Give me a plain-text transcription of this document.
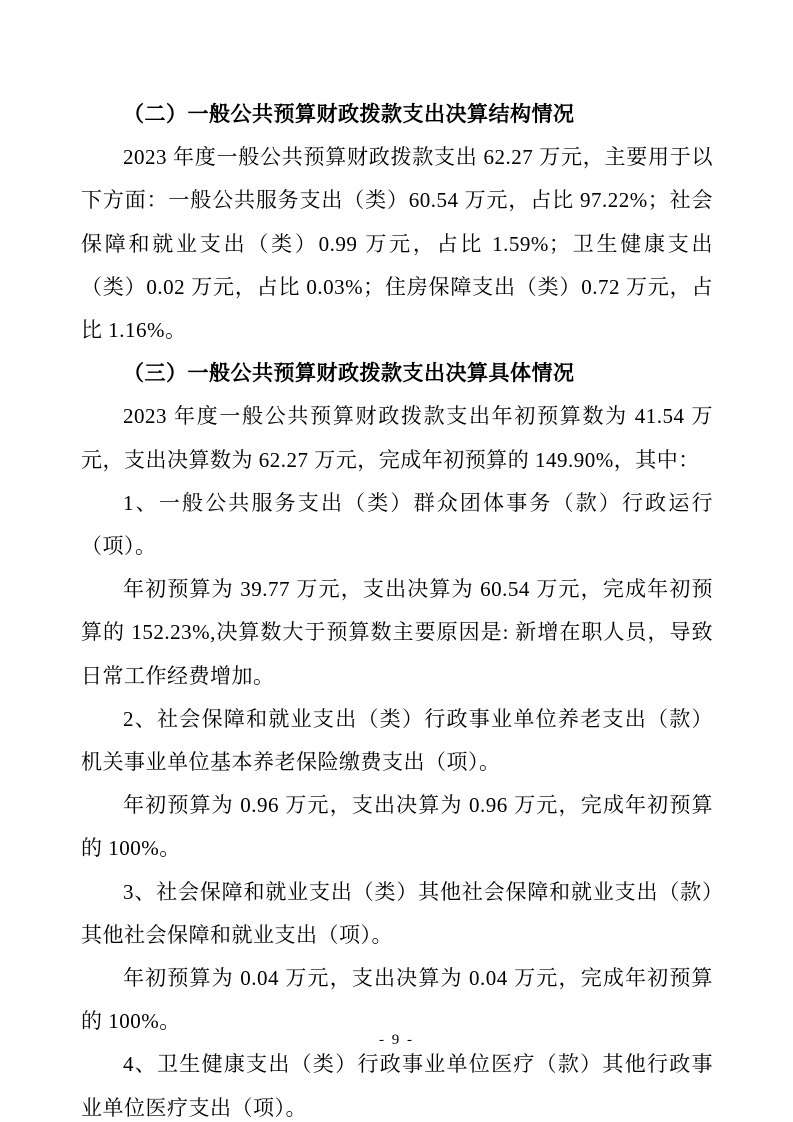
（二）一般公共预算财政拨款支出决算结构情况

2023 年度一般公共预算财政拨款支出 62.27 万元，主要用于以下方面：一般公共服务支出（类）60.54 万元，占比 97.22%；社会保障和就业支出（类）0.99 万元，占比 1.59%；卫生健康支出（类）0.02 万元，占比 0.03%；住房保障支出（类）0.72 万元，占比 1.16%。

（三）一般公共预算财政拨款支出决算具体情况

2023 年度一般公共预算财政拨款支出年初预算数为 41.54 万元，支出决算数为 62.27 万元，完成年初预算的 149.90%，其中：

1、一般公共服务支出（类）群众团体事务（款）行政运行（项）。

年初预算为 39.77 万元，支出决算为 60.54 万元，完成年初预算的 152.23%,决算数大于预算数主要原因是: 新增在职人员，导致日常工作经费增加。

2、社会保障和就业支出（类）行政事业单位养老支出（款）机关事业单位基本养老保险缴费支出（项）。

年初预算为 0.96 万元，支出决算为 0.96 万元，完成年初预算的 100%。

3、社会保障和就业支出（类）其他社会保障和就业支出（款）其他社会保障和就业支出（项）。

年初预算为 0.04 万元，支出决算为 0.04 万元，完成年初预算的 100%。

4、卫生健康支出（类）行政事业单位医疗（款）其他行政事业单位医疗支出（项）。

- 9 -
